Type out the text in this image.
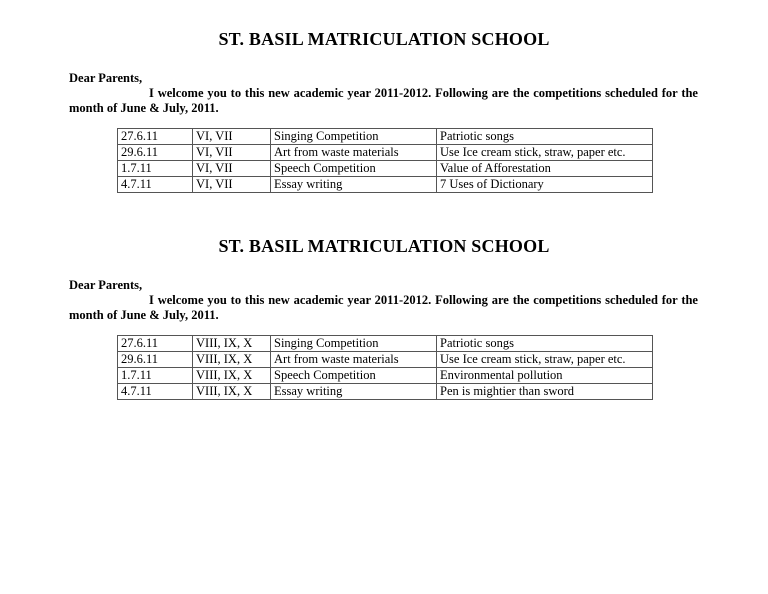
ST. BASIL MATRICULATION SCHOOL

Dear Parents,

I welcome you to this new academic year 2011-2012. Following are the competitions scheduled for the month of June & July, 2011.

27.6.11	VI, VII	Singing Competition	Patriotic songs
29.6.11	VI, VII	Art from waste materials	Use Ice cream stick, straw, paper etc.
1.7.11	VI, VII	Speech Competition	Value of Afforestation
4.7.11	VI, VII	Essay writing	7 Uses of Dictionary
ST. BASIL MATRICULATION SCHOOL

Dear Parents,

I welcome you to this new academic year 2011-2012. Following are the competitions scheduled for the month of June & July, 2011.

27.6.11	VIII, IX, X	Singing Competition	Patriotic songs
29.6.11	VIII, IX, X	Art from waste materials	Use Ice cream stick, straw, paper etc.
1.7.11	VIII, IX, X	Speech Competition	Environmental pollution
4.7.11	VIII, IX, X	Essay writing	Pen is mightier than sword
